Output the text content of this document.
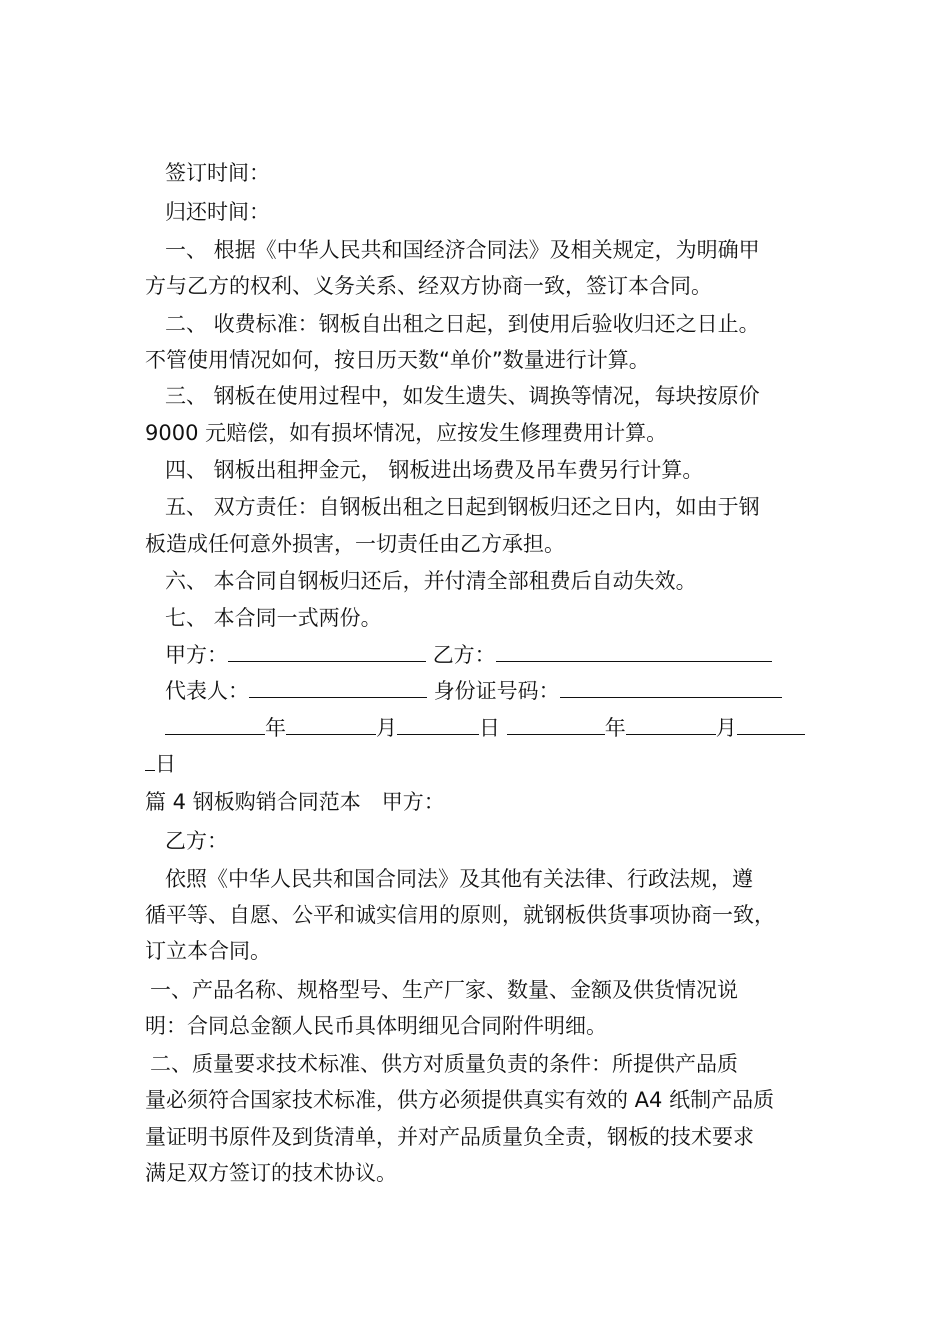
签订时间：
归还时间：
一、 根据《中华人民共和国经济合同法》及相关规定，为明确甲
方与乙方的权利、义务关系、经双方协商一致，签订本合同。
二、 收费标准：钢板自出租之日起，到使用后验收归还之日止。
不管使用情况如何，按日历天数“单价”数量进行计算。
三、 钢板在使用过程中，如发生遗失、调换等情况，每块按原价
9000 元赔偿，如有损坏情况，应按发生修理费用计算。
四、 钢板出租押金元， 钢板进出场费及吊车费另行计算。
五、 双方责任：自钢板出租之日起到钢板归还之日内，如由于钢
板造成任何意外损害，一切责任由乙方承担。
六、 本合同自钢板归还后，并付清全部租费后自动失效。
七、 本合同一式两份。
甲方：	乙方：
代表人：	身份证号码：
年	月	日	年	月
日
篇 4 钢板购销合同范本　甲方：
乙方：
依照《中华人民共和国合同法》及其他有关法律、行政法规，遵
循平等、自愿、公平和诚实信用的原则，就钢板供货事项协商一致，
订立本合同。
一、产品名称、规格型号、生产厂家、数量、金额及供货情况说
明：合同总金额人民币具体明细见合同附件明细。
二、质量要求技术标准、供方对质量负责的条件：所提供产品质
量必须符合国家技术标准，供方必须提供真实有效的 A4 纸制产品质
量证明书原件及到货清单，并对产品质量负全责，钢板的技术要求
满足双方签订的技术协议。
